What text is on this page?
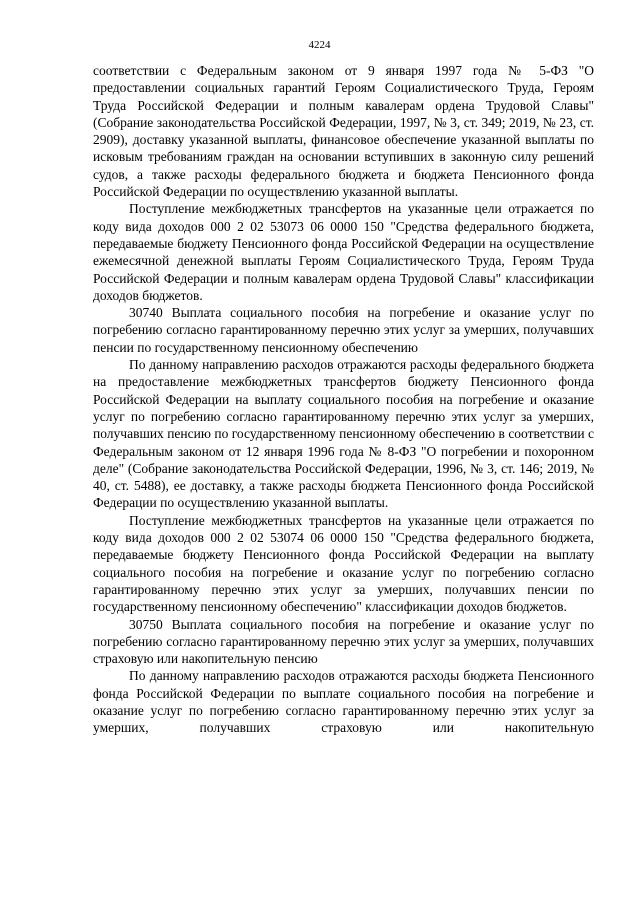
4224

соответствии с Федеральным законом от 9 января 1997 года № 5-ФЗ "О предоставлении социальных гарантий Героям Социалистического Труда, Героям Труда Российской Федерации и полным кавалерам ордена Трудовой Славы" (Собрание законодательства Российской Федерации, 1997, № 3, ст. 349; 2019, № 23, ст. 2909), доставку указанной выплаты, финансовое обеспечение указанной выплаты по исковым требованиям граждан на основании вступивших в законную силу решений судов, а также расходы федерального бюджета и бюджета Пенсионного фонда Российской Федерации по осуществлению указанной выплаты.

Поступление межбюджетных трансфертов на указанные цели отражается по коду вида доходов 000 2 02 53073 06 0000 150 "Средства федерального бюджета, передаваемые бюджету Пенсионного фонда Российской Федерации на осуществление ежемесячной денежной выплаты Героям Социалистического Труда, Героям Труда Российской Федерации и полным кавалерам ордена Трудовой Славы" классификации доходов бюджетов.

30740 Выплата социального пособия на погребение и оказание услуг по погребению согласно гарантированному перечню этих услуг за умерших, получавших пенсии по государственному пенсионному обеспечению

По данному направлению расходов отражаются расходы федерального бюджета на предоставление межбюджетных трансфертов бюджету Пенсионного фонда Российской Федерации на выплату социального пособия на погребение и оказание услуг по погребению согласно гарантированному перечню этих услуг за умерших, получавших пенсию по государственному пенсионному обеспечению в соответствии с Федеральным законом от 12 января 1996 года № 8-ФЗ "О погребении и похоронном деле" (Собрание законодательства Российской Федерации, 1996, № 3, ст. 146; 2019, № 40, ст. 5488), ее доставку, а также расходы бюджета Пенсионного фонда Российской Федерации по осуществлению указанной выплаты.

Поступление межбюджетных трансфертов на указанные цели отражается по коду вида доходов 000 2 02 53074 06 0000 150 "Средства федерального бюджета, передаваемые бюджету Пенсионного фонда Российской Федерации на выплату социального пособия на погребение и оказание услуг по погребению согласно гарантированному перечню этих услуг за умерших, получавших пенсии по государственному пенсионному обеспечению" классификации доходов бюджетов.

30750 Выплата социального пособия на погребение и оказание услуг по погребению согласно гарантированному перечню этих услуг за умерших, получавших страховую или накопительную пенсию

По данному направлению расходов отражаются расходы бюджета Пенсионного фонда Российской Федерации по выплате социального пособия на погребение и оказание услуг по погребению согласно гарантированному перечню этих услуг за умерших, получавших страховую или накопительную
